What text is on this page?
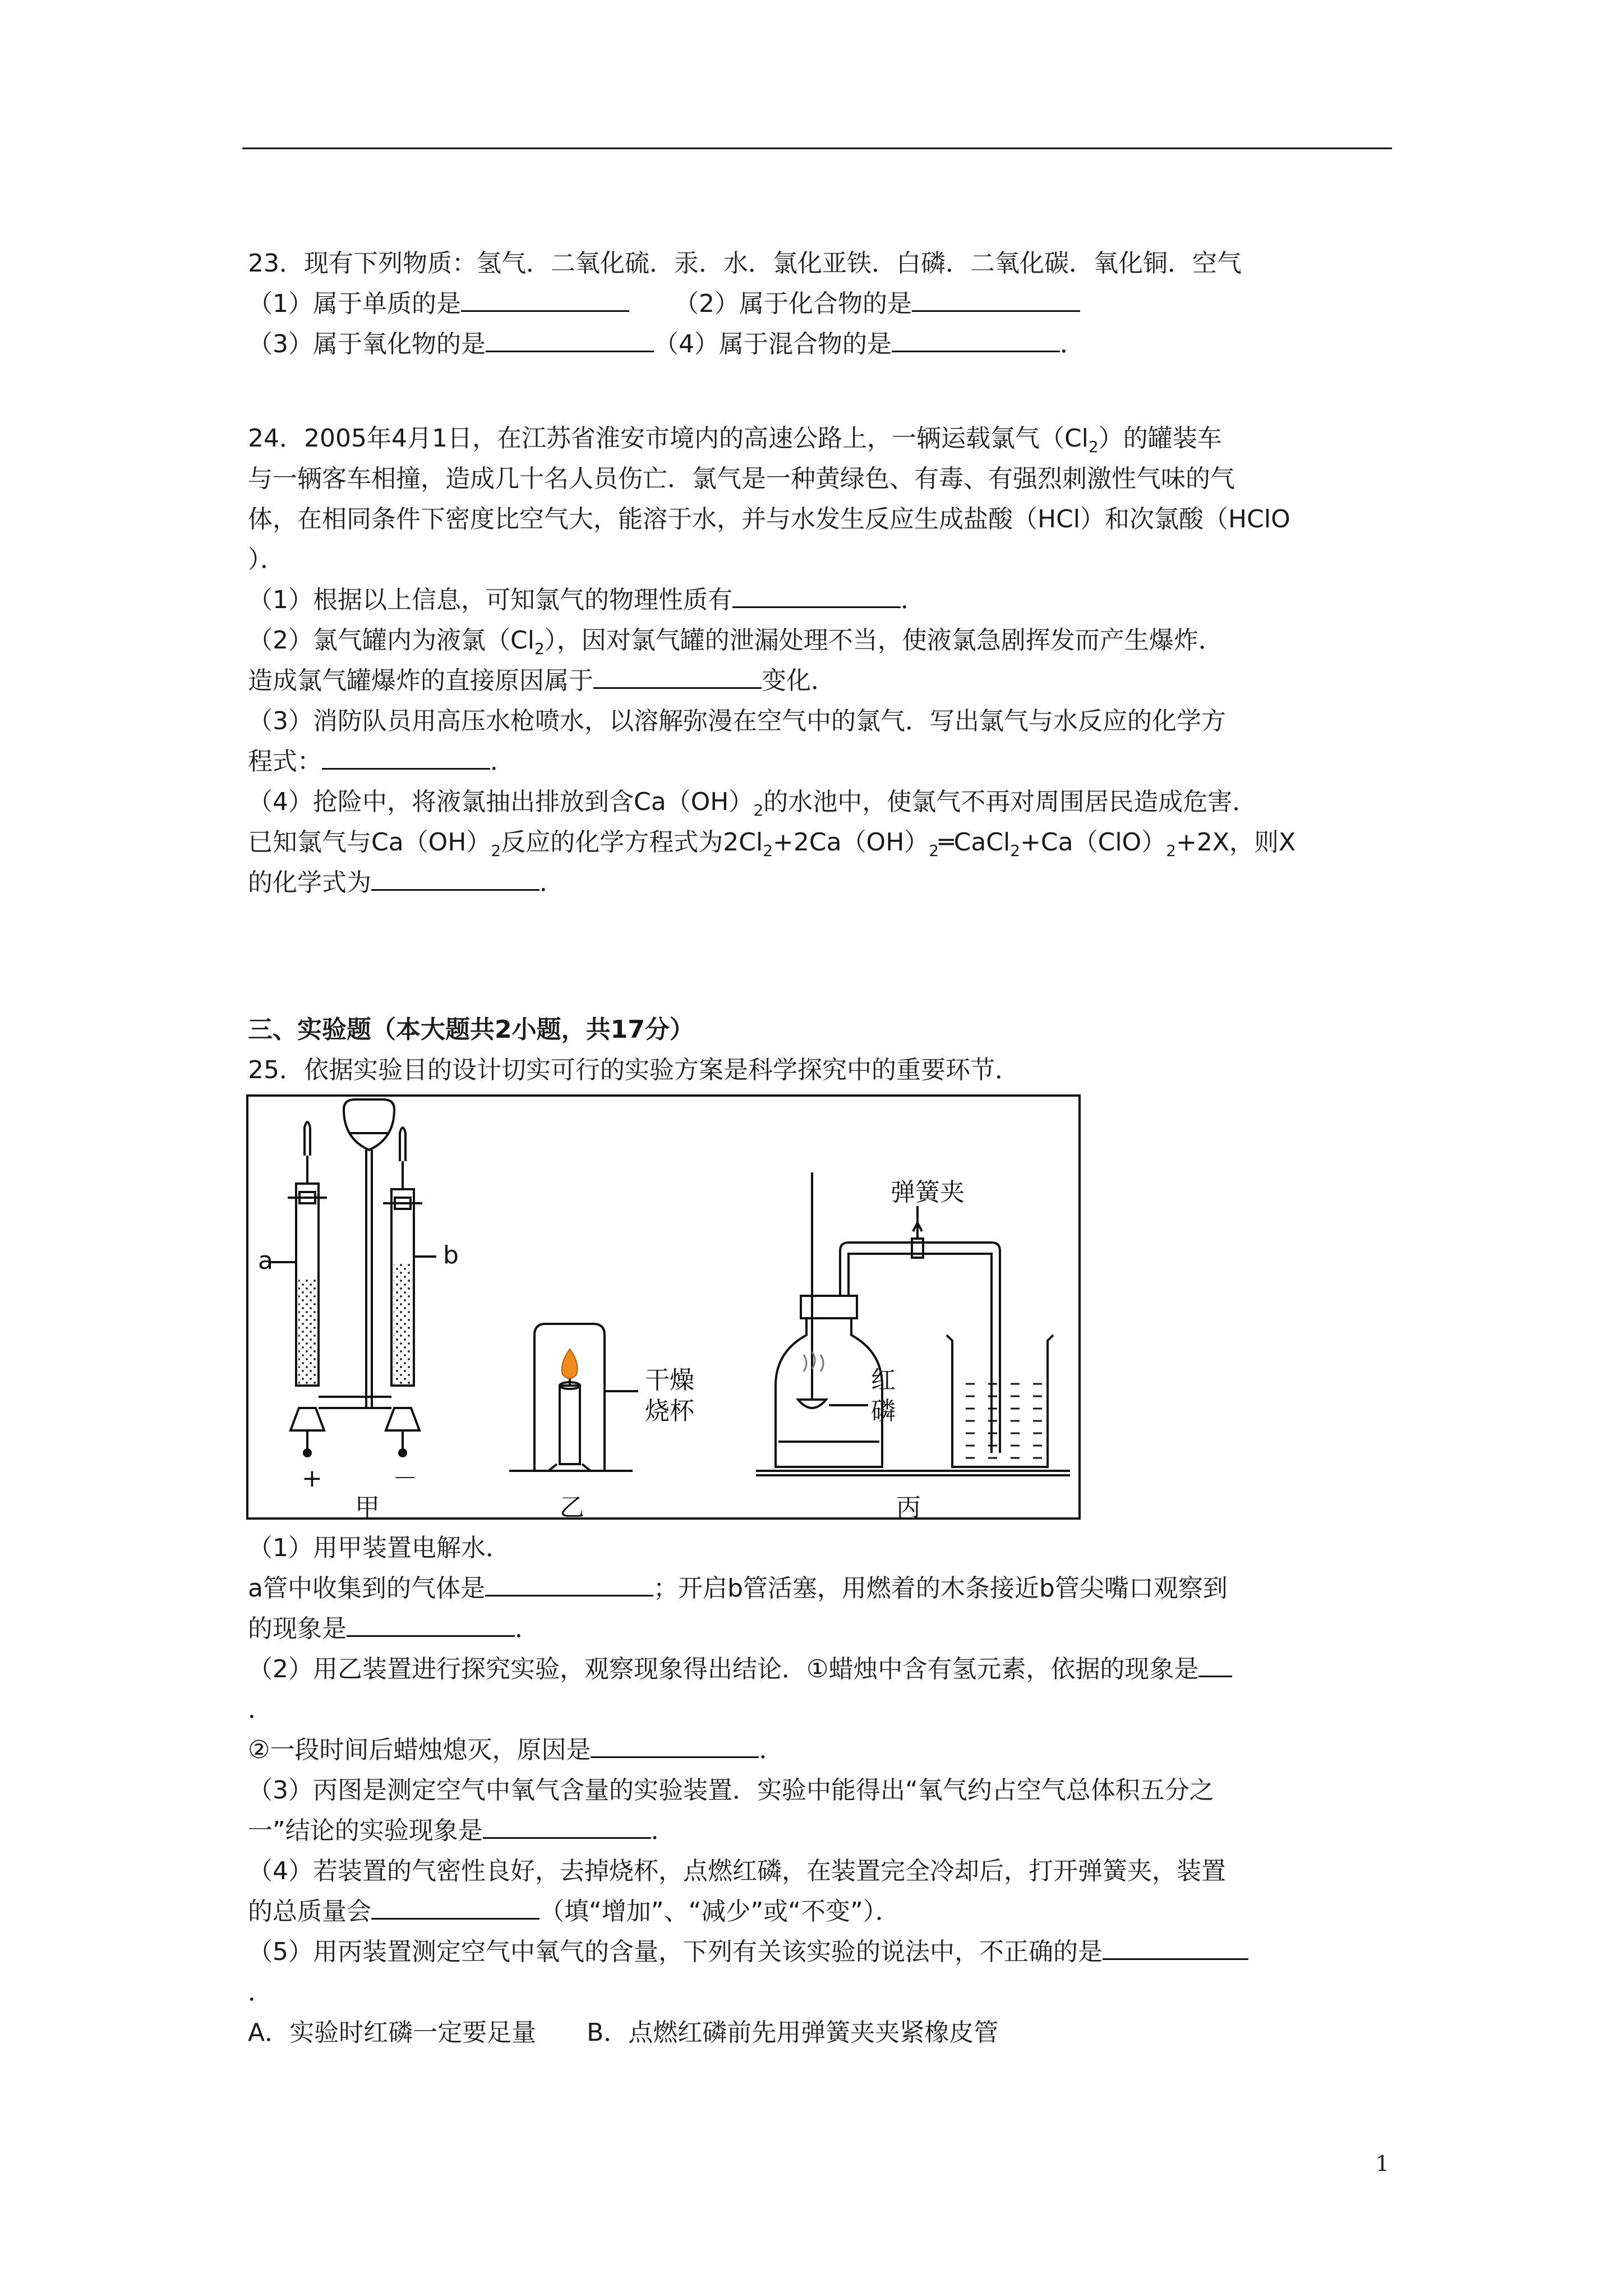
23．现有下列物质：氢气．二氧化硫．汞．水．氯化亚铁．白磷．二氧化碳．氧化铜．空气
（1）属于单质的是	（2）属于化合物的是
（3）属于氧化物的是	（4）属于混合物的是	．
24．2005年4月1日，在江苏省淮安市境内的高速公路上，一辆运载氯气$(Cl_2)$的罐装车
与一辆客车相撞，造成几十名人员伤亡．氯气是一种黄绿色、有毒、有强烈刺激性气味的气
体，在相同条件下密度比空气大，能溶于水，并与水发生反应生成盐酸（HCl）和次氯酸（HClO
）．
（1）根据以上信息，可知氯气的物理性质有	．
（2）氯气罐内为液氯$(Cl_2)$，因对氯气罐的泄漏处理不当，使液氯急剧挥发而产生爆炸．
造成氯气罐爆炸的直接原因属于	变化．
（3）消防队员用高压水枪喷水，以溶解弥漫在空气中的氯气．写出氯气与水反应的化学方
程式：	．
（4）抢险中，将液氯抽出排放到含$Ca(OH)_2$的水池中，使氯气不再对周围居民造成危害．
已知氯气与$Ca(OH)_2$反应的化学方程式为$2Cl_2+2Ca(OH)_2═CaCl_2+Ca(ClO)_2+2X$，则X
的化学式为	．
三、实验题（本大题共2小题，共17分）
25．依据实验目的设计切实可行的实验方案是科学探究中的重要环节．
a	b
+	－
甲
干燥
烧杯
乙
弹簧夹
红
磷
丙
（1）用甲装置电解水．
a管中收集到的气体是	；开启b管活塞，用燃着的木条接近b管尖嘴口观察到
的现象是	．
（2）用乙装置进行探究实验，观察现象得出结论．①蜡烛中含有氢元素，依据的现象是
．
②一段时间后蜡烛熄灭，原因是	．
（3）丙图是测定空气中氧气含量的实验装置．实验中能得出“氧气约占空气总体积五分之
一”结论的实验现象是	．
（4）若装置的气密性良好，去掉烧杯，点燃红磷，在装置完全冷却后，打开弹簧夹，装置
的总质量会	（填“增加”、“减少”或“不变”）．
（5）用丙装置测定空气中氧气的含量，下列有关该实验的说法中，不正确的是
．
A．实验时红磷一定要足量 B．点燃红磷前先用弹簧夹夹紧橡皮管
1
